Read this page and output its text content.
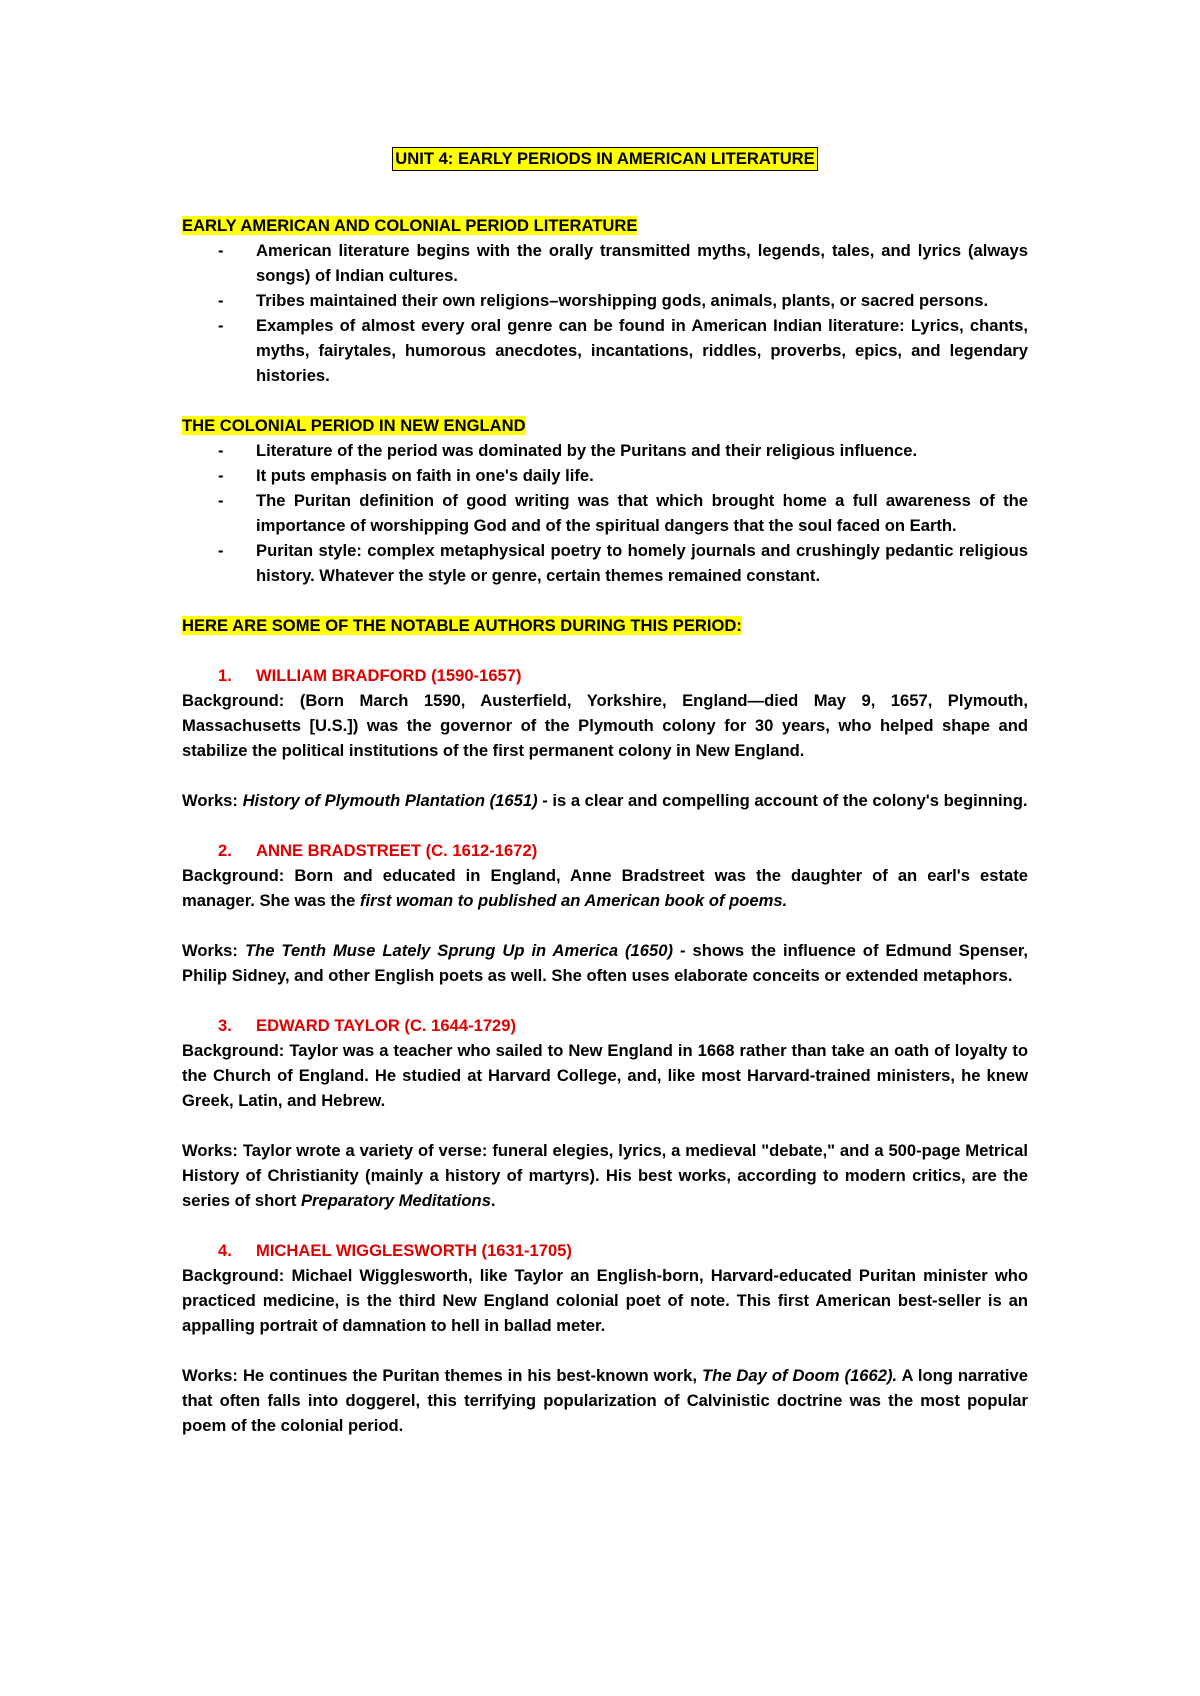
UNIT 4: EARLY PERIODS IN AMERICAN LITERATURE

EARLY AMERICAN AND COLONIAL PERIOD LITERATURE

- American literature begins with the orally transmitted myths, legends, tales, and lyrics (always songs) of Indian cultures.
- Tribes maintained their own religions–worshipping gods, animals, plants, or sacred persons.
- Examples of almost every oral genre can be found in American Indian literature: Lyrics, chants, myths, fairytales, humorous anecdotes, incantations, riddles, proverbs, epics, and legendary histories.

THE COLONIAL PERIOD IN NEW ENGLAND

- Literature of the period was dominated by the Puritans and their religious influence.
- It puts emphasis on faith in one's daily life.
- The Puritan definition of good writing was that which brought home a full awareness of the importance of worshipping God and of the spiritual dangers that the soul faced on Earth.
- Puritan style: complex metaphysical poetry to homely journals and crushingly pedantic religious history. Whatever the style or genre, certain themes remained constant.

HERE ARE SOME OF THE NOTABLE AUTHORS DURING THIS PERIOD:

1. WILLIAM BRADFORD (1590-1657)

Background: (Born March 1590, Austerfield, Yorkshire, England—died May 9, 1657, Plymouth, Massachusetts [U.S.]) was the governor of the Plymouth colony for 30 years, who helped shape and stabilize the political institutions of the first permanent colony in New England.

Works: History of Plymouth Plantation (1651) - is a clear and compelling account of the colony's beginning.

2. ANNE BRADSTREET (C. 1612-1672)

Background: Born and educated in England, Anne Bradstreet was the daughter of an earl's estate manager. She was the first woman to published an American book of poems.

Works: The Tenth Muse Lately Sprung Up in America (1650) - shows the influence of Edmund Spenser, Philip Sidney, and other English poets as well. She often uses elaborate conceits or extended metaphors.

3. EDWARD TAYLOR (C. 1644-1729)

Background: Taylor was a teacher who sailed to New England in 1668 rather than take an oath of loyalty to the Church of England. He studied at Harvard College, and, like most Harvard-trained ministers, he knew Greek, Latin, and Hebrew.

Works: Taylor wrote a variety of verse: funeral elegies, lyrics, a medieval "debate," and a 500-page Metrical History of Christianity (mainly a history of martyrs). His best works, according to modern critics, are the series of short Preparatory Meditations.

4. MICHAEL WIGGLESWORTH (1631-1705)

Background: Michael Wigglesworth, like Taylor an English-born, Harvard-educated Puritan minister who practiced medicine, is the third New England colonial poet of note. This first American best-seller is an appalling portrait of damnation to hell in ballad meter.

Works: He continues the Puritan themes in his best-known work, The Day of Doom (1662). A long narrative that often falls into doggerel, this terrifying popularization of Calvinistic doctrine was the most popular poem of the colonial period.
